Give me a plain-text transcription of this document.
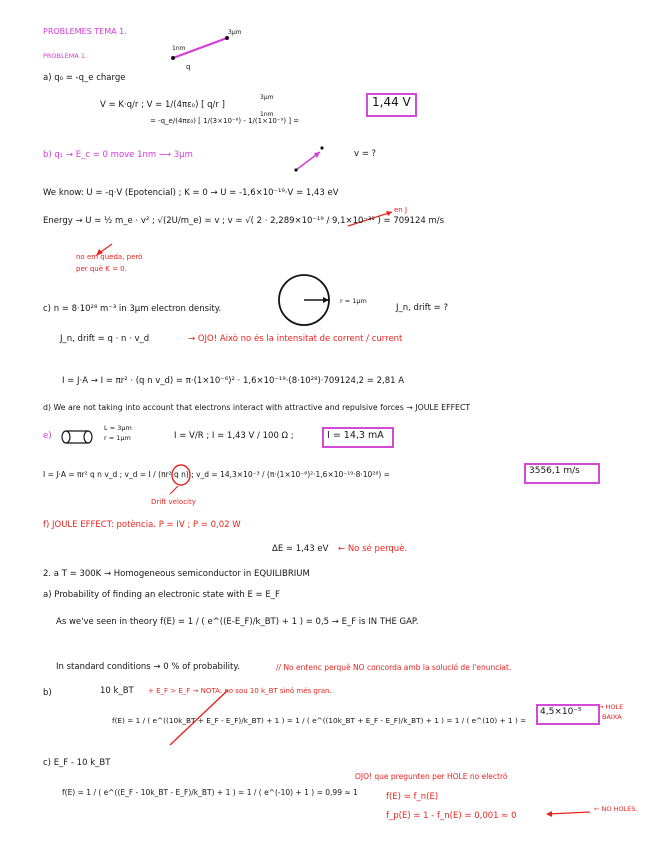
PROBLEMES TEMA 1.
PROBLEMA 1.
3µm
1nm
q
a) q₀ = -q_e charge
V = K·q/r ; V = 1/(4πε₀) [ q/r ]
3µm
1nm
= -q_e/(4πε₀) [ 1/(3×10⁻⁶) - 1/(1×10⁻⁹) ] =
1,44 V
b) q₁ → E_c = 0 move 1nm ⟶ 3µm	v = ?
We know: U = -q·V (Epotencial) ; K = 0 → U = -1,6×10⁻¹⁹·V = 1,43 eV
Energy → U = ½ m_e · v² ; √(2U/m_e) = v ; v = √( 2 · 2,289×10⁻¹⁹ / 9,1×10⁻³¹ ) = 709124 m/s
en J
no em queda, però
per què K = 0.
c) n = 8·10²⁸ m⁻³ in 3µm electron density.
r = 1µm
J_n, drift = ?
J_n, drift = q · n · v_d	→ OJO! Això no és la intensitat de corrent / current
I = J·A → I = πr² · (q n v_d) = π·(1×10⁻⁶)² · 1,6×10⁻¹⁹·(8·10²⁸)·709124,2 = 2,81 A
d) We are not taking into account that electrons interact with attractive and repulsive forces → JOULE EFFECT
e)
L = 3µm
r = 1µm	I = V/R ; I = 1,43 V / 100 Ω ;	I = 14,3 mA
I = J·A = πr² q n v_d ; v_d = I / (πr² q n) ; v_d = 14,3×10⁻³ / (π·(1×10⁻⁶)²·1,6×10⁻¹⁹·8·10²⁸) =	3556,1 m/s
Drift velocity
f) JOULE EFFECT: potència. P = IV ; P = 0,02 W
ΔE = 1,43 eV ← No sé perquè.
2. a T = 300K → Homogeneous semiconductor in EQUILIBRIUM
a) Probability of finding an electronic state with E = E_F
As we've seen in theory f(E) = 1 / ( e^((E-E_F)/k_BT) + 1 ) = 0,5 → E_F is IN THE GAP.
In standard conditions → 0 % of probability.	// No entenc perquè NO concorda amb la solució de l'enunciat.
b)	10 k_BT + E_F > E_F → NOTA: no sou 10 k_BT sinó més gran.
f(E) = 1 / ( e^((10k_BT + E_F - E_F)/k_BT) + 1 ) = 1 / ( e^((10k_BT + E_F - E_F)/k_BT) + 1 ) = 1 / ( e^(10) + 1 ) =
4,5×10⁻⁵	→ HOLE
BAIXA
c) E_F - 10 k_BT
f(E) = 1 / ( e^((E_F - 10k_BT - E_F)/k_BT) + 1 ) = 1 / ( e^(-10) + 1 ) = 0,99 ≈ 1
OJO! que pregunten per HOLE no electró
f(E) = f_n(E)
f_p(E) = 1 - f_n(E) = 0,001 ≈ 0
← NO HOLES.
